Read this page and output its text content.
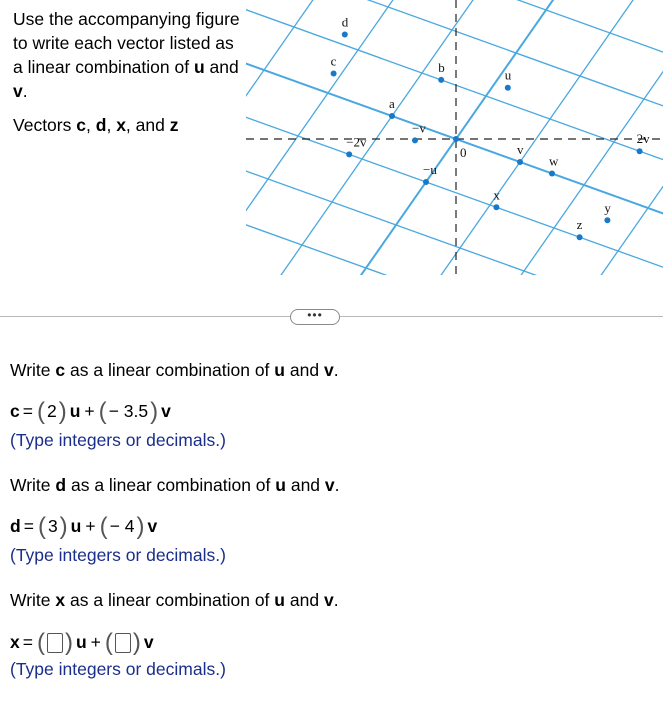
Use the accompanying figure to write each vector listed as a linear combination of u and v.

Vectors c, d, x, and z

d
c
a
b
−2v
−v
0
u
v
−u
w
2v
x
y
z
•••
Write c as a linear combination of u and v.
c = ( 2 ) u + ( − 3.5 ) v
(Type integers or decimals.)
Write d as a linear combination of u and v.
d = ( 3 ) u + ( − 4 ) v
(Type integers or decimals.)
Write x as a linear combination of u and v.
x = ( ) u + ( ) v
(Type integers or decimals.)
